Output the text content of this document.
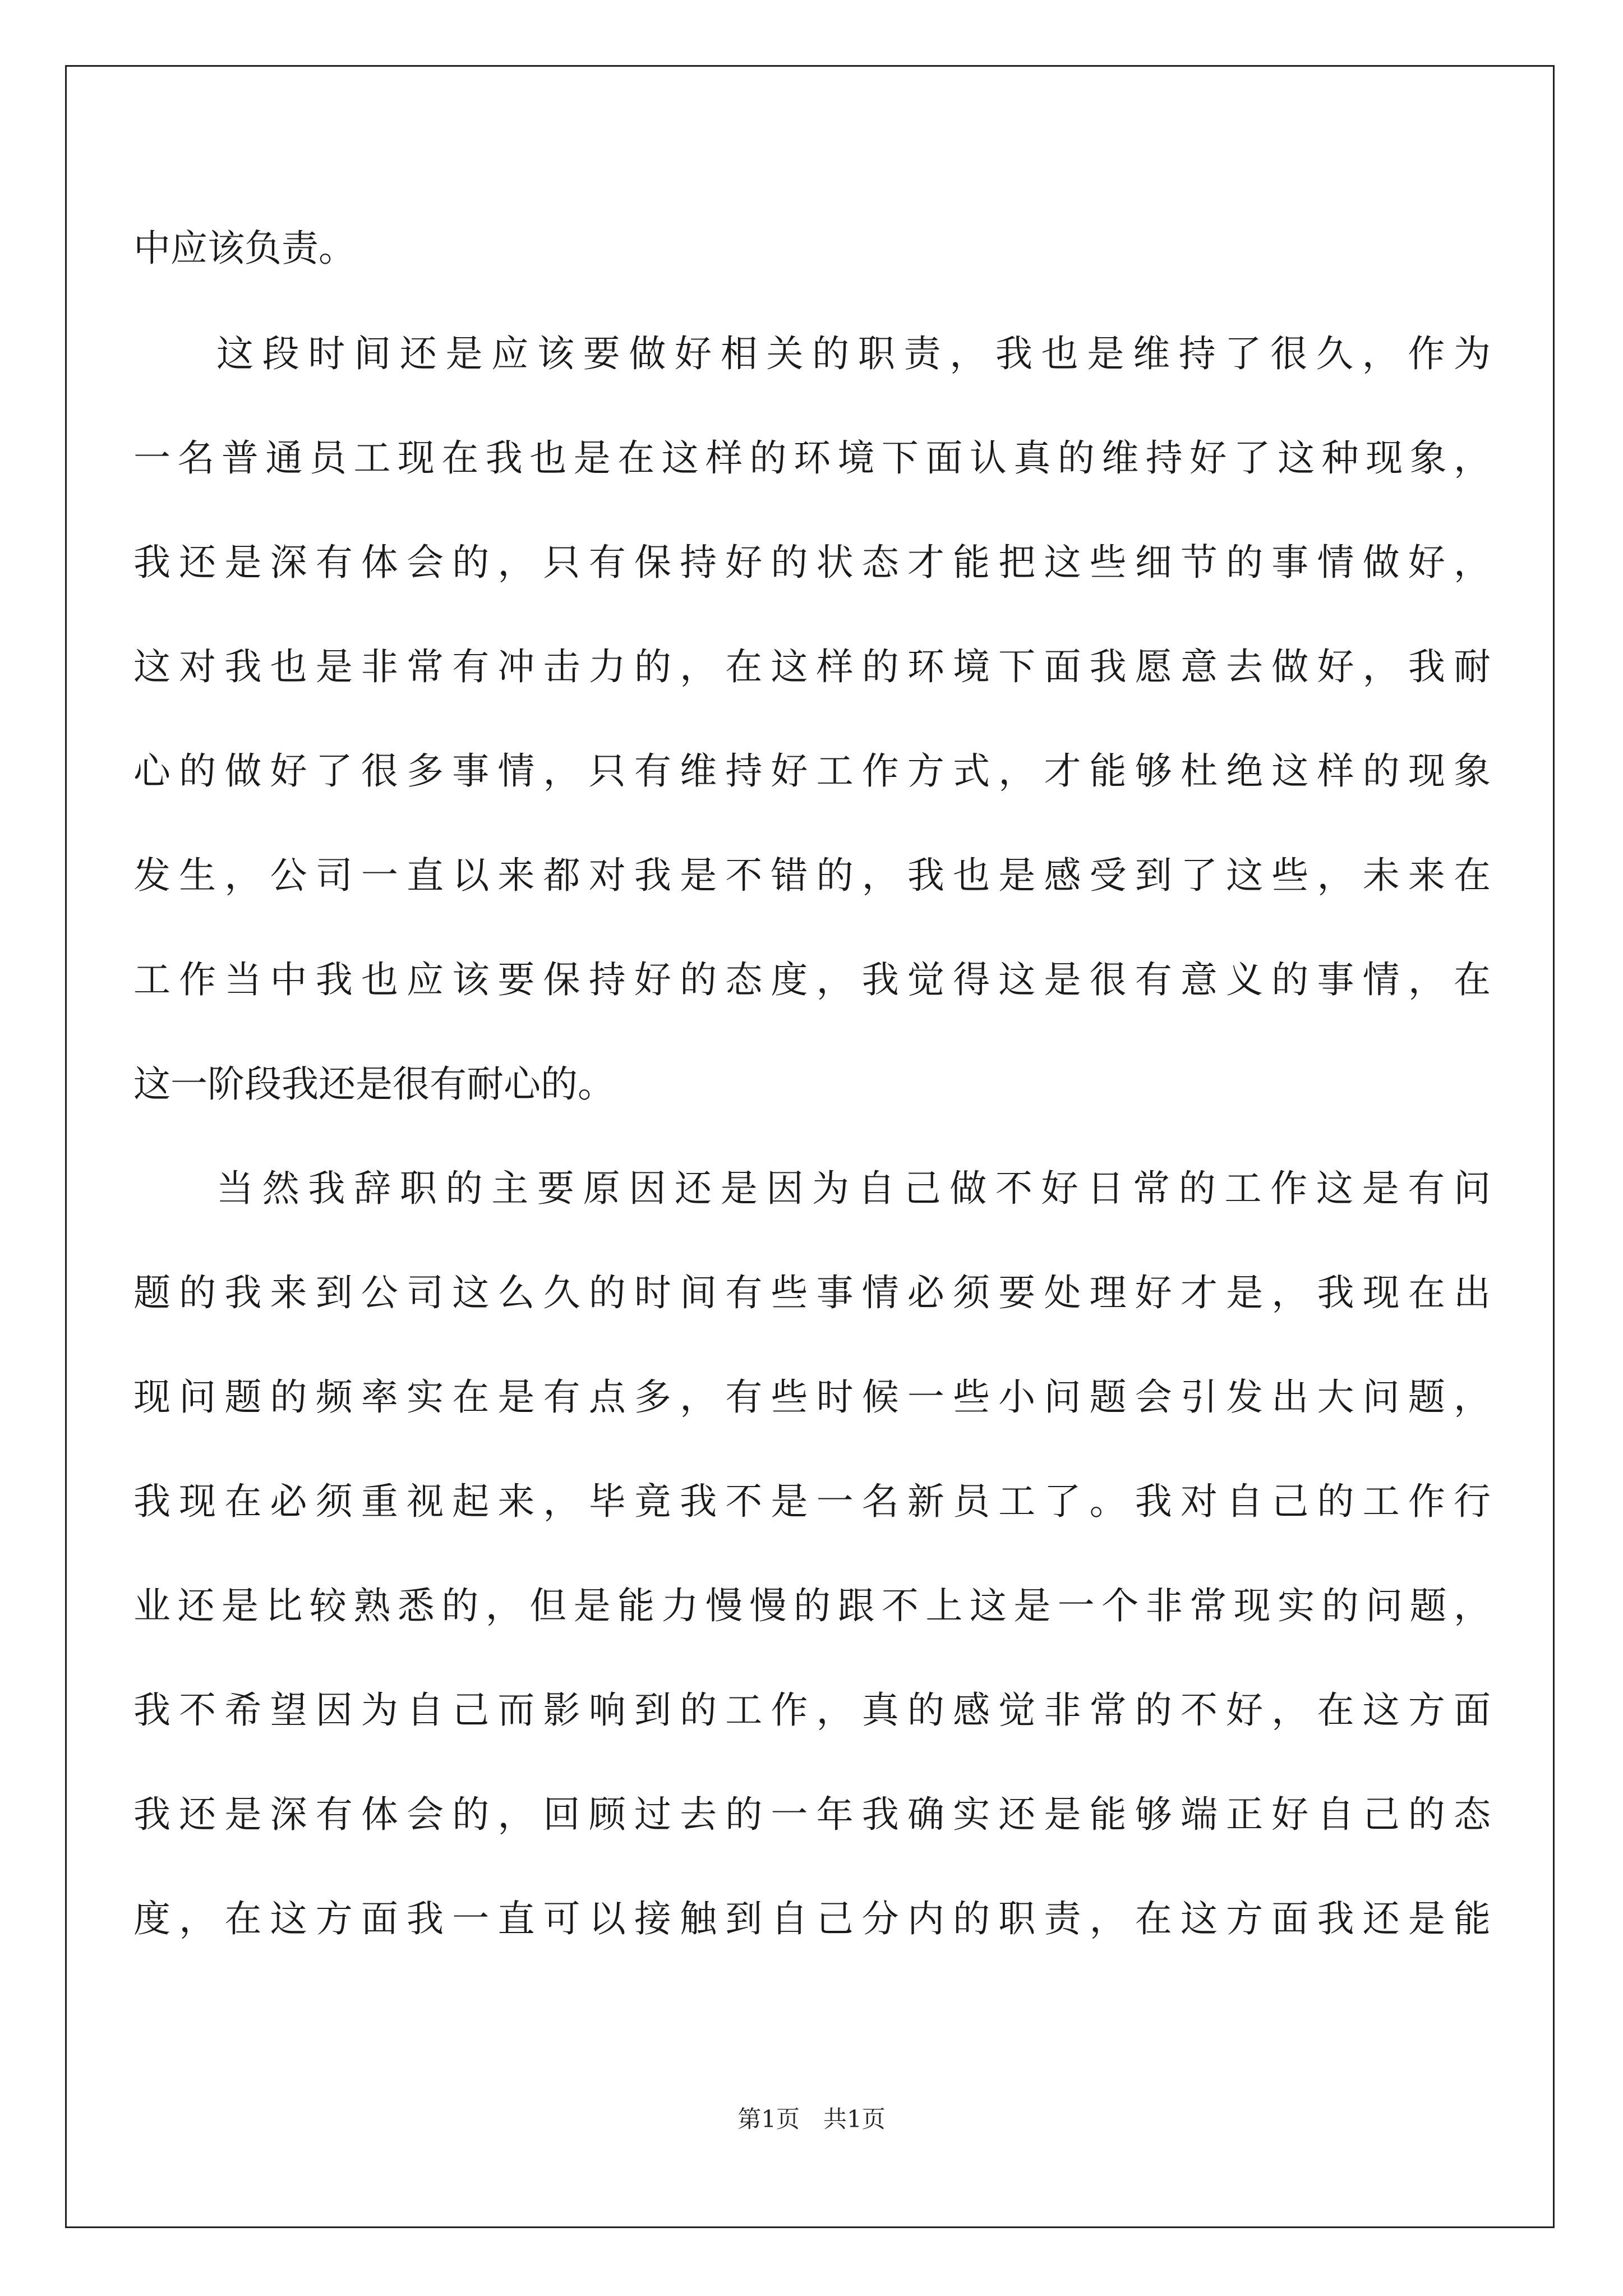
中应该负责。
这段时间还是应该要做好相关的职责，我也是维持了很久，作为
一名普通员工现在我也是在这样的环境下面认真的维持好了这种现象，
我还是深有体会的，只有保持好的状态才能把这些细节的事情做好，
这对我也是非常有冲击力的，在这样的环境下面我愿意去做好，我耐
心的做好了很多事情，只有维持好工作方式，才能够杜绝这样的现象
发生，公司一直以来都对我是不错的，我也是感受到了这些，未来在
工作当中我也应该要保持好的态度，我觉得这是很有意义的事情，在
这一阶段我还是很有耐心的。
当然我辞职的主要原因还是因为自己做不好日常的工作这是有问
题的我来到公司这么久的时间有些事情必须要处理好才是，我现在出
现问题的频率实在是有点多，有些时候一些小问题会引发出大问题，
我现在必须重视起来，毕竟我不是一名新员工了。我对自己的工作行
业还是比较熟悉的，但是能力慢慢的跟不上这是一个非常现实的问题，
我不希望因为自己而影响到的工作，真的感觉非常的不好，在这方面
我还是深有体会的，回顾过去的一年我确实还是能够端正好自己的态
度，在这方面我一直可以接触到自己分内的职责，在这方面我还是能
第1页　共1页
